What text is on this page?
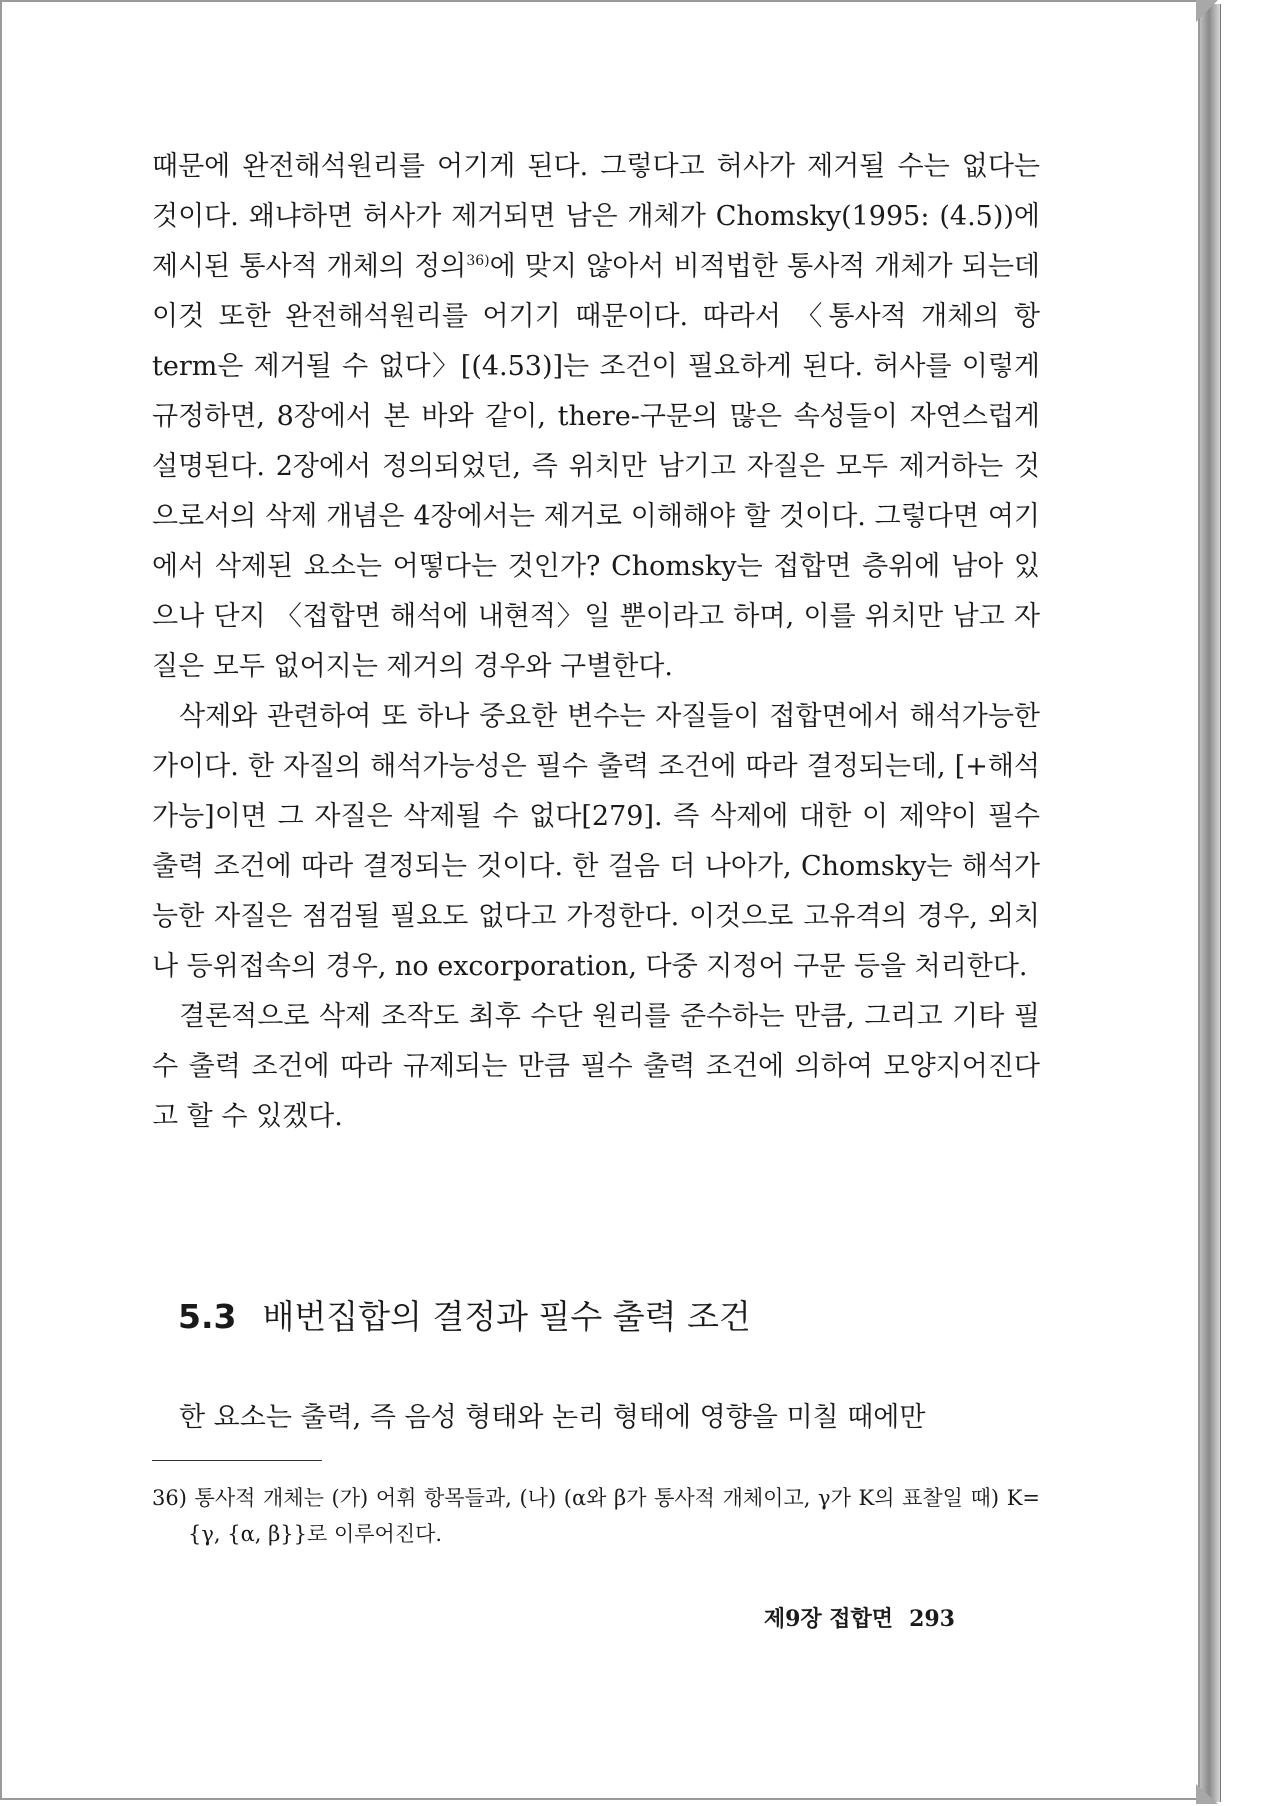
때문에 완전해석원리를 어기게 된다. 그렇다고 허사가 제거될 수는 없다는 것이다. 왜냐하면 허사가 제거되면 남은 개체가 Chomsky(1995: (4.5))에 제시된 통사적 개체의 정의$^{36)}$에 맞지 않아서 비적법한 통사적 개체가 되는데 이것 또한 완전해석원리를 어기기 때문이다. 따라서 〈통사적 개체의 항term은 제거될 수 없다〉[(4.53)]는 조건이 필요하게 된다. 허사를 이렇게 규정하면, 8장에서 본 바와 같이, there-구문의 많은 속성들이 자연스럽게 설명된다. 2장에서 정의되었던, 즉 위치만 남기고 자질은 모두 제거하는 것으로서의 삭제 개념은 4장에서는 제거로 이해해야 할 것이다. 그렇다면 여기에서 삭제된 요소는 어떻다는 것인가? Chomsky는 접합면 층위에 남아 있으나 단지 〈접합면 해석에 내현적〉일 뿐이라고 하며, 이를 위치만 남고 자질은 모두 없어지는 제거의 경우와 구별한다.

삭제와 관련하여 또 하나 중요한 변수는 자질들이 접합면에서 해석가능한가이다. 한 자질의 해석가능성은 필수 출력 조건에 따라 결정되는데, [+해석가능]이면 그 자질은 삭제될 수 없다[279]. 즉 삭제에 대한 이 제약이 필수 출력 조건에 따라 결정되는 것이다. 한 걸음 더 나아가, Chomsky는 해석가능한 자질은 점검될 필요도 없다고 가정한다. 이것으로 고유격의 경우, 외치나 등위접속의 경우, no excorporation, 다중 지정어 구문 등을 처리한다.

결론적으로 삭제 조작도 최후 수단 원리를 준수하는 만큼, 그리고 기타 필수 출력 조건에 따라 규제되는 만큼 필수 출력 조건에 의하여 모양지어진다고 할 수 있겠다.

5.3 배번집합의 결정과 필수 출력 조건

한 요소는 출력, 즉 음성 형태와 논리 형태에 영향을 미칠 때에만

36) 통사적 개체는 (가) 어휘 항목들과, (나) (α와 β가 통사적 개체이고, γ가 K의 표찰일 때) K={γ, {α, β}}로 이루어진다.
제9장 접합면 293
